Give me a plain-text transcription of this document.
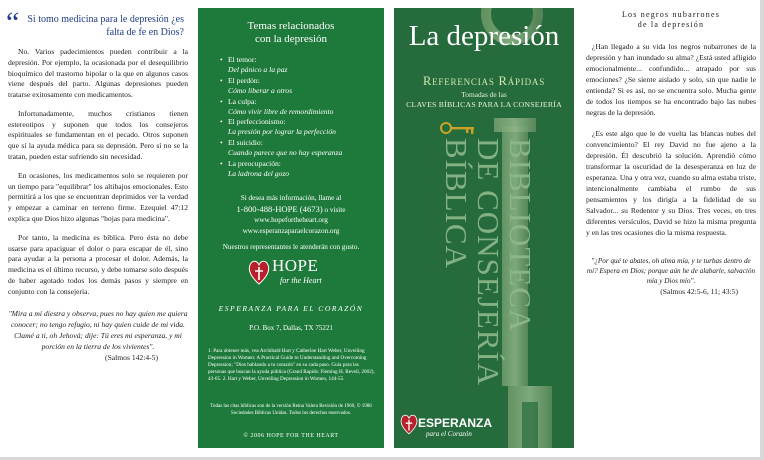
“ Si tomo medicina para le depresión ¿es falta de fe en Dios?

No. Varios padecimientos pueden contribuir a la depresión. Por ejemplo, la ocasionada por el desequilibrio bioquímico del trastorno bipolar o la que en algunos casos viene después del parto. Algunas depresiones pueden tratarse exitosamente con medicamentos.

Infortunadamente, muchos cristianos tienen estereotipos y suponen que todos los consejeros espirituales se fundamentan en el pecado. Otros suponen que sí la ayuda médica para su depresión. Pero sí no se la tratan, pueden estar sufriendo sin necesidad.

En ocasiones, los medicamentos solo se requieren por un tiempo para "equilibrar" los altibajos emocionales. Esto permitirá a los que se encuentran deprimidos ver la verdad y empezar a caminar en terreno firme. Ezequiel 47:12 explica que Dios hizo algunas "hojas para medicina".

Por tanto, la medicina es bíblica. Pero ésta no debe usarse para apaciguar el dolor o para escapar de él, sino para ayudar a la persona a procesar el dolor. Además, la medicina es el último recurso, y debe tomarse solo después de haber agotado todos los demás pasos y siempre en conjunto con la consejería.

"Mira a mi diestra y observa, pues no hay quien me quiera conocer; no tengo refugio, ni hay quien cuide de mi vida. Clamé a ti, oh Jehová; dije: Tú eres mi esperanza, y mi porción en la tierra de los vivientes".

(Salmos 142:4-5)

Temas relacionados
con la depresión
• El temor:
Del pánico a la paz
• El perdón:
Cómo liberar a otros
• La culpa:
Cómo vivir libre de remordimiento
• El perfeccionismo:
La presión por lograr la perfección
• El suicidio:
Cuando parece que no hay esperanza
• La preocupación:
La ladrona del gozo
Si desea más información, llame al
1-800-488-HOPE (4673) o visite
www.hopefortheheart.org
www.esperanzaparaelcorazon.org
Nuestros representantes le atenderán con gusto.
HOPE
for the Heart
ESPERANZA PARA EL CORAZÓN
P.O. Box 7, Dallas, TX 75221
1. Para obtener más, vea Archibald Hart y Catherine Hart Weber, Unveiling Depression in Women: A Practical Guide to Understanding and Overcoming Depression; "Dios hablando a tu corazón" en su cada paso. Guía para las personas que buscan la ayuda pública (Grand Rapids: Fleming H. Revell, 2002), 43-65. 2. Hart y Weber, Unveiling Depression in Women, 144-55.
Todas las citas bíblicas son de la versión Reina Valera Revisión de 1960, © 1988 Sociedades Bíblicas Unidas. Todos los derechos reservados.
© 2006 HOPE FOR THE HEART
La depresión
Referencias Rápidas
Tomadas de las
CLAVES BÍBLICAS PARA LA CONSEJERÍA
BIBLIOTECA
DE CONSEJERÍA
BÍBLICA
ESPERANZA
para el Corazón
Los negros nubarrones
de la depresión

¿Han llegado a su vida los negros nubarrones de la depresión y han inundado su alma? ¿Está usted afligido emocionalmente... confundido... atrapado por sus emociones? ¿Se siente aislado y solo, sin que nadie le entienda? Si es así, no se encuentra solo. Mucha gente de todos los tiempos se ha encontrado bajo las nubes negras de la depresión.

¿Es este algo que le de vuelta las blancas nubes del convencimiento? El rey David no fue ajeno a la depresión. Él descubrió la solución. Aprendió cómo transformar la oscuridad de la desesperanza en luz de esperanza. Una y otra vez, cuando su alma estaba triste, intencionalmente cambiaba el rumbo de sus pensamientos y los dirigía a la fidelidad de su Salvador... su Redentor y su Dios. Tres veces, en tres diferentes versículos, David se hizo la misma pregunta y en las tres ocasiones dio la misma respuesta.

"¿Por qué te abates, oh alma mía, y te turbas dentro de mí? Espera en Dios; porque aún he de alabarle, salvación mía y Dios mío".

(Salmos 42:5-6, 11; 43:5)
